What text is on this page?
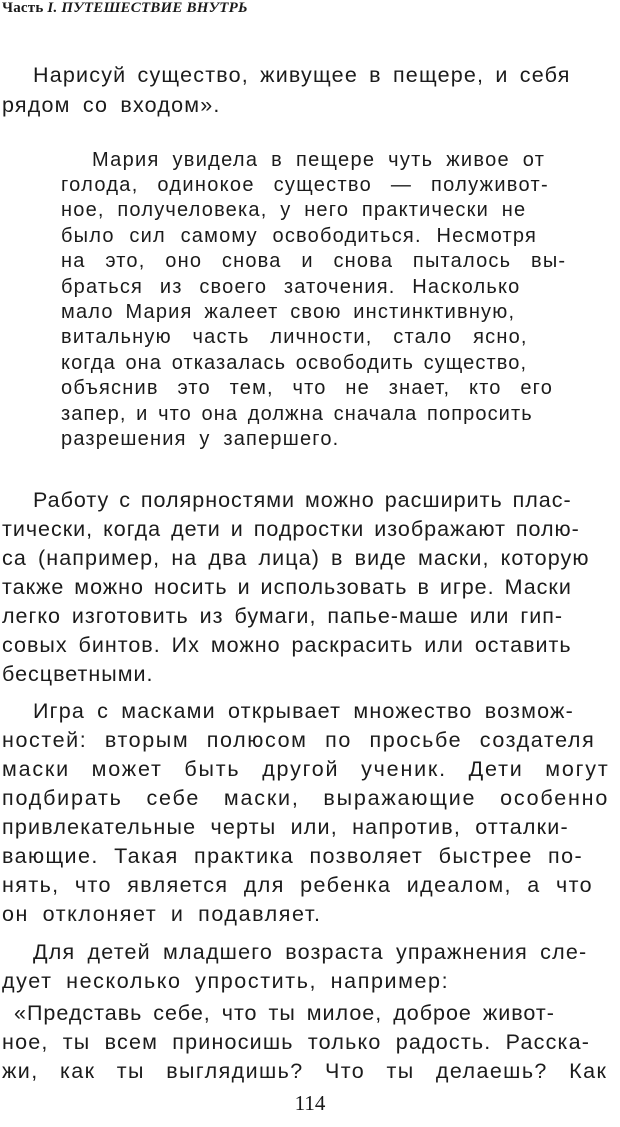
Часть I. ПУТЕШЕСТВИЕ ВНУТРЬ
Нарисуй существо, живущее в пещере, и себя
рядом со входом».
Мария увидела в пещере чуть живое от
голода, одинокое существо — полуживот-
ное, получеловека, у него практически не
было сил самому освободиться. Несмотря
на это, оно снова и снова пыталось вы-
браться из своего заточения. Насколько
мало Мария жалеет свою инстинктивную,
витальную часть личности, стало ясно,
когда она отказалась освободить существо,
объяснив это тем, что не знает, кто его
запер, и что она должна сначала попросить
разрешения у запершего.
Работу с полярностями можно расширить плас-
тически, когда дети и подростки изображают полю-
са (например, на два лица) в виде маски, которую
также можно носить и использовать в игре. Маски
легко изготовить из бумаги, папье-маше или гип-
совых бинтов. Их можно раскрасить или оставить
бесцветными.
Игра с масками открывает множество возмож-
ностей: вторым полюсом по просьбе создателя
маски может быть другой ученик. Дети могут
подбирать себе маски, выражающие особенно
привлекательные черты или, напротив, отталки-
вающие. Такая практика позволяет быстрее по-
нять, что является для ребенка идеалом, а что
он отклоняет и подавляет.
Для детей младшего возраста упражнения сле-
дует несколько упростить, например:
«Представь себе, что ты милое, доброе живот-
ное, ты всем приносишь только радость. Расска-
жи, как ты выглядишь? Что ты делаешь? Как
114
